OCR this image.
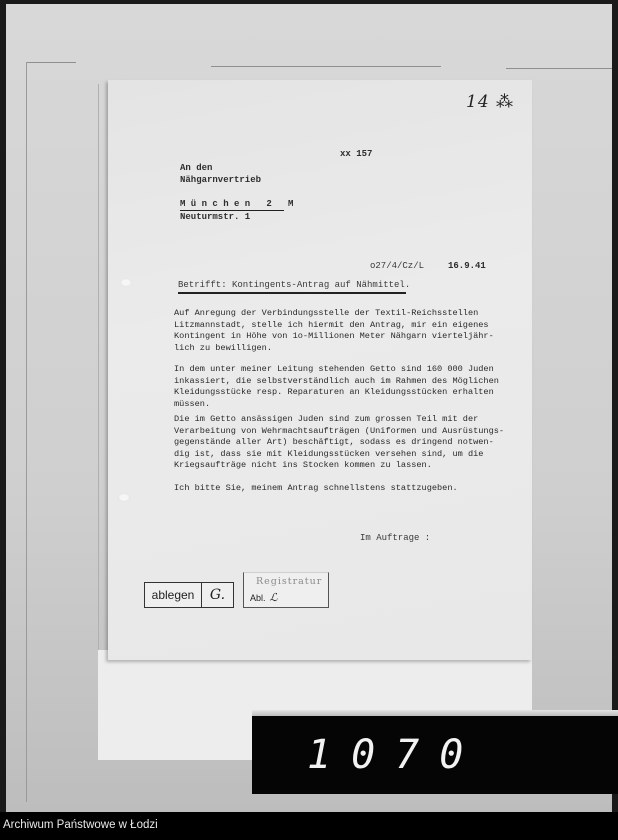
14 ⁂
xx 157
An den
Nähgarnvertrieb
M ü n c h e n   2   M
Neuturmstr. 1
o27/4/Cz/L	16.9.41
Betrifft: Kontingents-Antrag auf Nähmittel.
Auf Anregung der Verbindungsstelle der Textil-Reichsstellen
Litzmannstadt, stelle ich hiermit den Antrag, mir ein eigenes
Kontingent in Höhe von 1o-Millionen Meter Nähgarn vierteljähr-
lich zu bewilligen.
In dem unter meiner Leitung stehenden Getto sind 160 000 Juden
inkassiert, die selbstverständlich auch im Rahmen des Möglichen
Kleidungsstücke resp. Reparaturen an Kleidungsstücken erhalten
müssen.
Die im Getto ansässigen Juden sind zum grossen Teil mit der
Verarbeitung von Wehrmachtsaufträgen (Uniformen und Ausrüstungs-
gegenstände aller Art) beschäftigt, sodass es dringend notwen-
dig ist, dass sie mit Kleidungsstücken versehen sind, um die
Kriegsaufträge nicht ins Stocken kommen zu lassen.
Ich bitte Sie, meinem Antrag schnellstens stattzugeben.
Im Auftrage :
ablegen	G.
Registratur
Abl. ℒ
1070
Archiwum Państwowe w Łodzi
